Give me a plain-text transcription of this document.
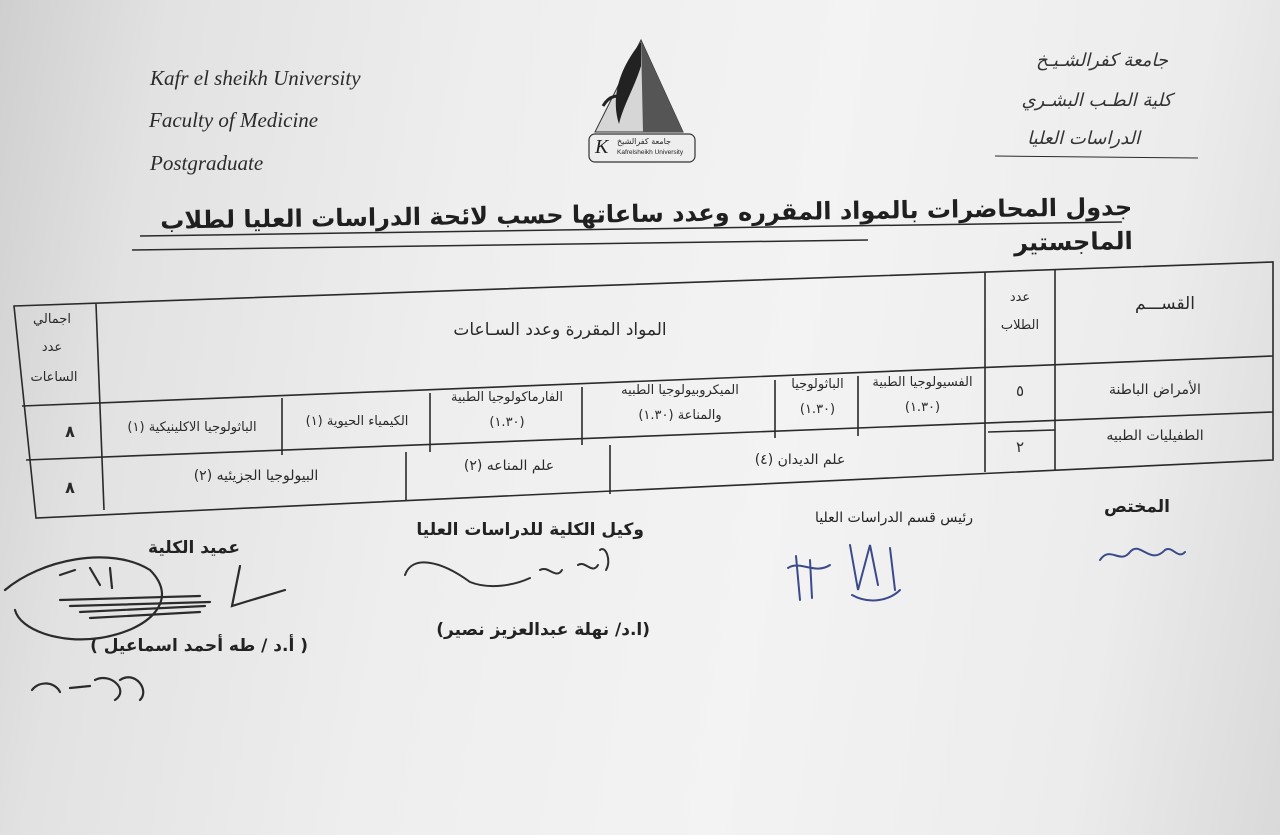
Kafr el sheikh University
Faculty of Medicine
Postgraduate
جامعة كفرالشـيـخ
كلية الطـب البشـري
الدراسات العليا
K جامعة كفرالشيخ
Kafrelsheikh University
جدول المحاضرات بالمواد المقرره وعدد ساعاتها حسب لائحة الدراسات العليا لطلاب الماجستير
القســـم
عدد
الطلاب
المواد المقررة وعدد السـاعات
اجمالي
عدد
الساعات
الأمراض الباطنة
٥
٨
الفسيولوجيا الطبية
(١.٣٠)
الباثولوجيا
(١.٣٠)
الميكروبيولوجيا الطبيه
والمناعة (١.٣٠)
الفارماكولوجيا الطبية
(١.٣٠)
الكيمياء الحيوية (١)
الباثولوجيا الاكلينيكية (١)
الطفيليات الطبيه
٢
٨
علم الديدان (٤)
علم المناعه (٢)
البيولوجيا الجزيئيه (٢)
المختص
رئيس قسم الدراسات العليا
وكيل الكلية للدراسات العليا
(ا.د/ نهلة عبدالعزيز نصير)
عميد الكلية
( أ.د / طه أحمد اسماعيل )
